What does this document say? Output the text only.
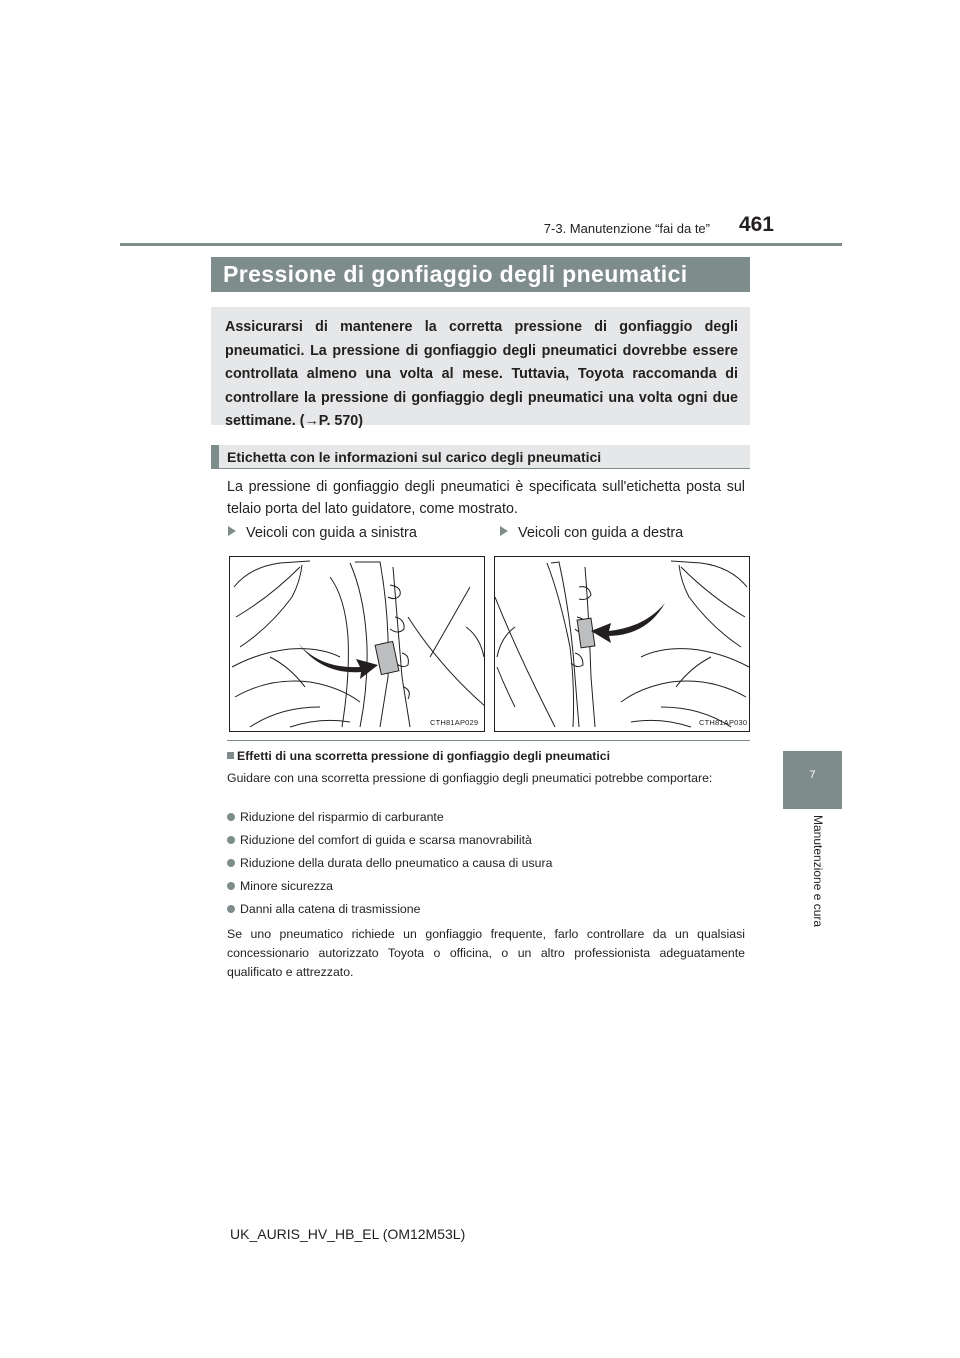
7-3. Manutenzione “fai da te”	461
Pressione di gonfiaggio degli pneumatici
Assicurarsi di mantenere la corretta pressione di gonfiaggio degli pneumatici. La pressione di gonfiaggio degli pneumatici dovrebbe essere controllata almeno una volta al mese. Tuttavia, Toyota raccomanda di controllare la pressione di gonfiaggio degli pneumatici una volta ogni due settimane. (→P. 570)
Etichetta con le informazioni sul carico degli pneumatici
La pressione di gonfiaggio degli pneumatici è specificata sull'etichetta posta sul telaio porta del lato guidatore, come mostrato.
Veicoli con guida a sinistra	Veicoli con guida a destra
CTH81AP029	CTH81AP030
Effetti di una scorretta pressione di gonfiaggio degli pneumatici
Guidare con una scorretta pressione di gonfiaggio degli pneumatici potrebbe comportare:
Riduzione del risparmio di carburante
Riduzione del comfort di guida e scarsa manovrabilità
Riduzione della durata dello pneumatico a causa di usura
Minore sicurezza
Danni alla catena di trasmissione
Se uno pneumatico richiede un gonfiaggio frequente, farlo controllare da un qualsiasi concessionario autorizzato Toyota o officina, o un altro professionista adeguatamente qualificato e attrezzato.
7
Manutenzione e cura
UK_AURIS_HV_HB_EL (OM12M53L)
